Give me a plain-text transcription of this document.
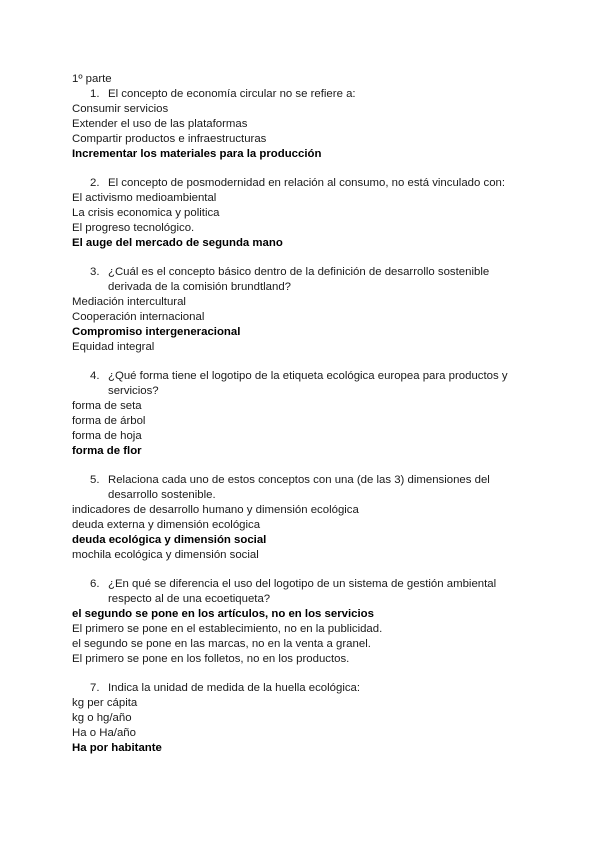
1º parte
1. El concepto de economía circular no se refiere a:
Consumir servicios
Extender el uso de las plataformas
Compartir productos e infraestructuras
Incrementar los materiales para la producción
2. El concepto de posmodernidad en relación al consumo, no está vinculado con:
El activismo medioambiental
La crisis economica y politica
El progreso tecnológico.
El auge del mercado de segunda mano
3. ¿Cuál es el concepto básico dentro de la definición de desarrollo sostenible derivada de la comisión brundtland?
Mediación intercultural
Cooperación internacional
Compromiso intergeneracional
Equidad integral
4. ¿Qué forma tiene el logotipo de la etiqueta ecológica europea para productos y servicios?
forma de seta
forma de árbol
forma de hoja
forma de flor
5. Relaciona cada uno de estos conceptos con una (de las 3) dimensiones del desarrollo sostenible.
indicadores de desarrollo humano y dimensión ecológica
deuda externa y dimensión ecológica
deuda ecológica y dimensión social
mochila ecológica y dimensión social
6. ¿En qué se diferencia el uso del logotipo de un sistema de gestión ambiental respecto al de una ecoetiqueta?
el segundo se pone en los artículos, no en los servicios
El primero se pone en el establecimiento, no en la publicidad.
el segundo se pone en las marcas, no en la venta a granel.
El primero se pone en los folletos, no en los productos.
7. Indica la unidad de medida de la huella ecológica:
kg per cápita
kg o hg/año
Ha o Ha/año
Ha por habitante
